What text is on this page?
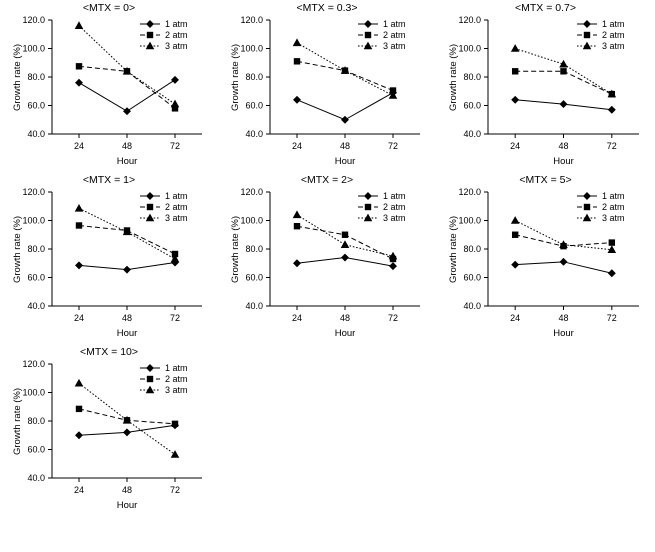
<MTX = 0>
40.0
60.0
80.0
100.0
120.0
24	48	72
1 atm
2 atm
3 atm
Growth rate (%)
Hour
<MTX = 0.3>
40.0
60.0
80.0
100.0
120.0
24	48	72
1 atm
2 atm
3 atm
Growth rate (%)
Hour
<MTX = 0.7>
40.0
60.0
80.0
100.0
120.0
24	48	72
1 atm
2 atm
3 atm
Growth rate (%)
Hour
<MTX = 1>
40.0
60.0
80.0
100.0
120.0
24	48	72
1 atm
2 atm
3 atm
Growth rate (%)
Hour
<MTX = 2>
40.0
60.0
80.0
100.0
120.0
24	48	72
1 atm
2 atm
3 atm
Growth rate (%)
Hour
<MTX = 5>
40.0
60.0
80.0
100.0
120.0
24	48	72
1 atm
2 atm
3 atm
Growth rate (%)
Hour
<MTX = 10>
40.0
60.0
80.0
100.0
120.0
24	48	72
1 atm
2 atm
3 atm
Growth rate (%)
Hour
